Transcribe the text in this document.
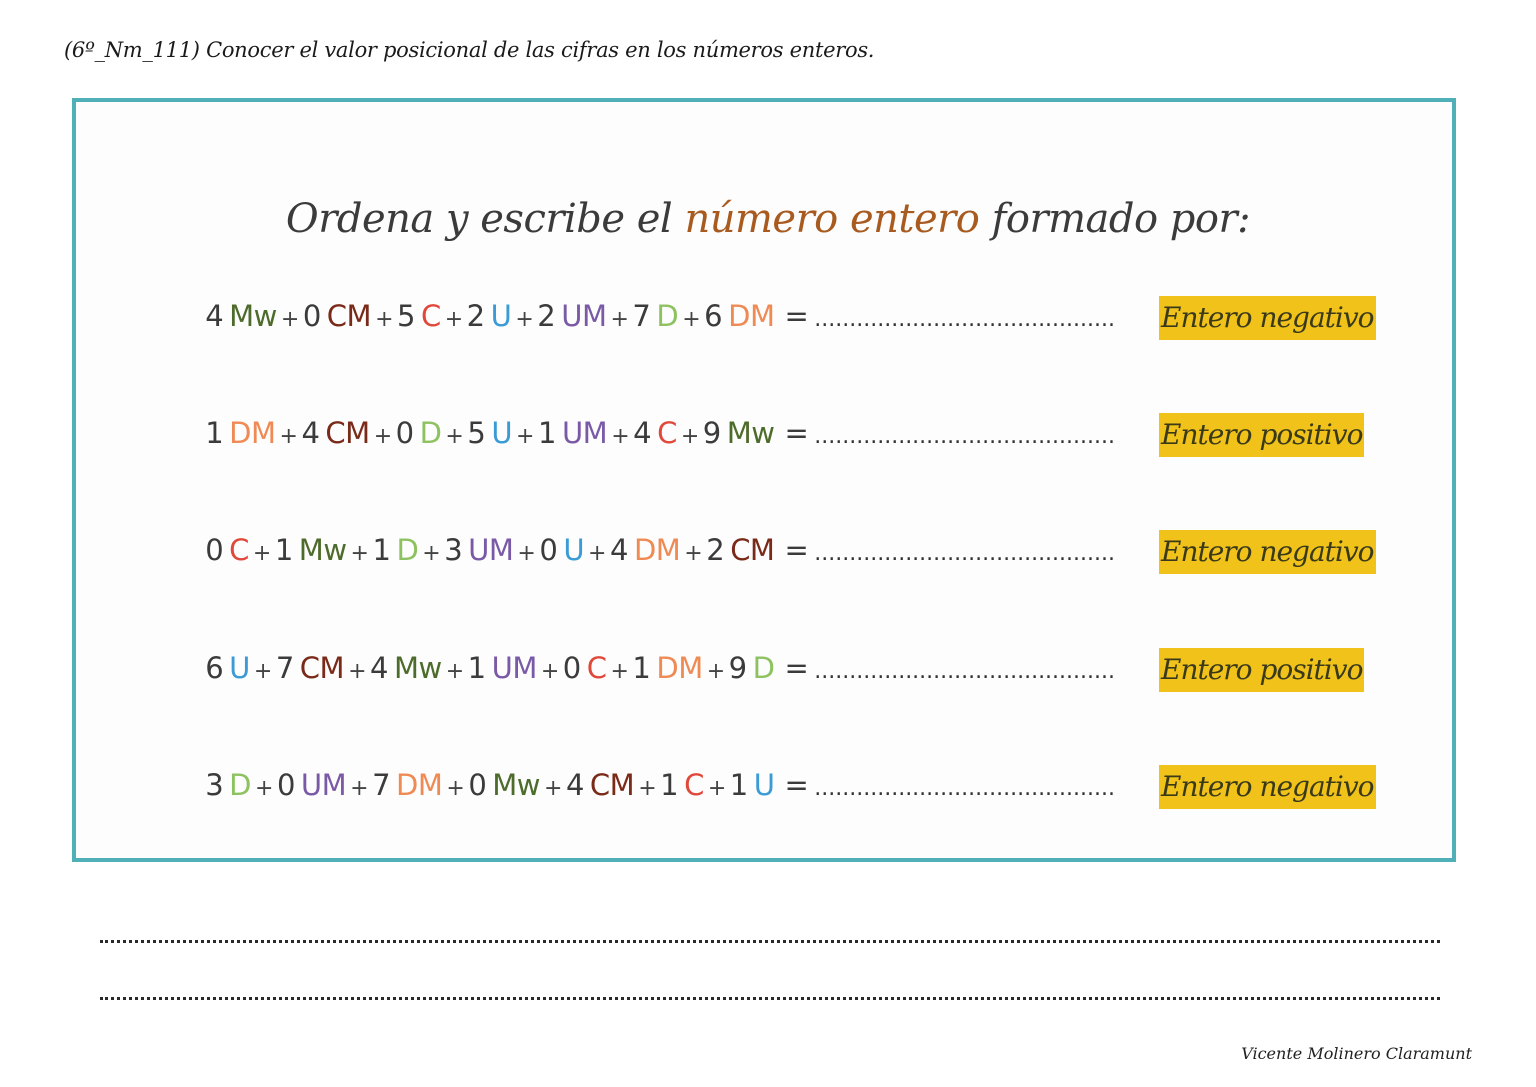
(6º_Nm_111) Conocer el valor posicional de las cifras en los números enteros.
Ordena y escribe el número entero formado por:
4 Mw + 0 CM + 5 C + 2 U + 2 UM + 7 D + 6 DM = ........................................... Entero negativo
1 DM + 4 CM + 0 D + 5 U + 1 UM + 4 C + 9 Mw = ........................................... Entero positivo
0 C + 1 Mw + 1 D + 3 UM + 0 U + 4 DM + 2 CM = ........................................... Entero negativo
6 U + 7 CM + 4 Mw + 1 UM + 0 C + 1 DM + 9 D = ........................................... Entero positivo
3 D + 0 UM + 7 DM + 0 Mw + 4 CM + 1 C + 1 U = ........................................... Entero negativo
Vicente Molinero Claramunt
